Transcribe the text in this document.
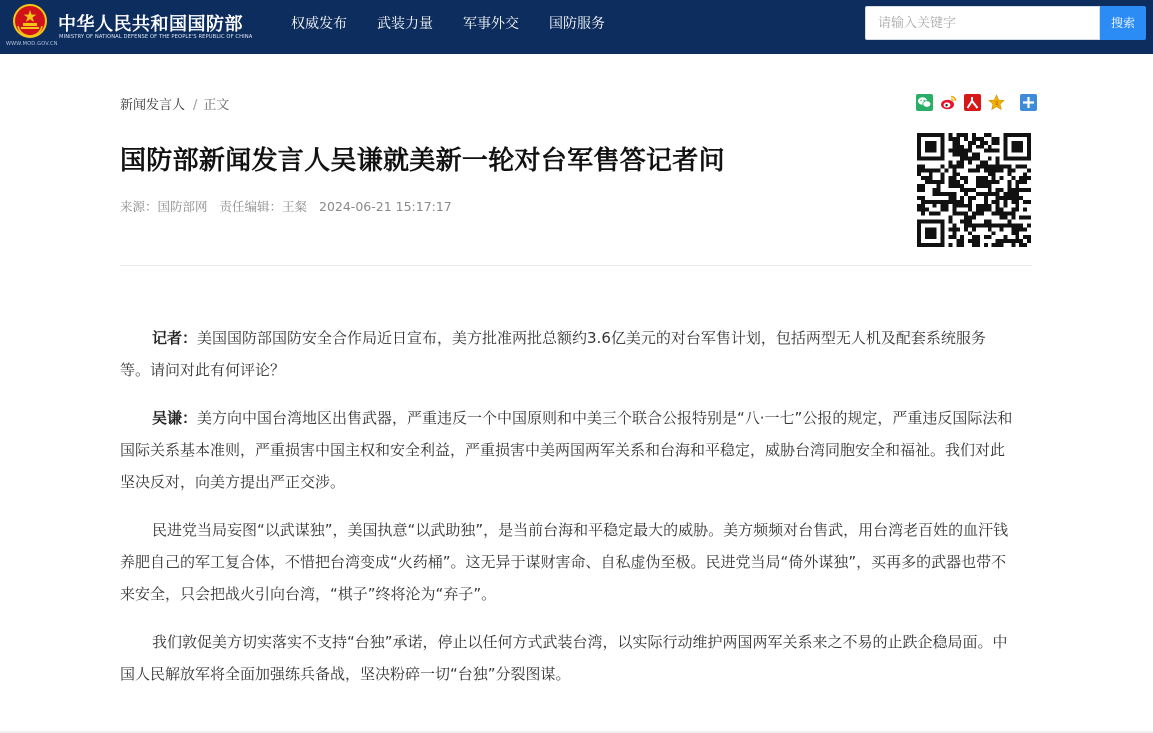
WWW.MOD.GOV.CN
中华人民共和国国防部
MINISTRY OF NATIONAL DEFENSE OF THE PEOPLE'S REPUBLIC OF CHINA
权威发布	武装力量	军事外交	国防服务
请输入关键字	搜索
新闻发言人 / 正文	文
国防部新闻发言人吴谦就美新一轮对台军售答记者问
来源：国防部网 责任编辑：王粲 2024-06-21 15:17:17

记者：美国国防部国防安全合作局近日宣布，美方批准两批总额约3.6亿美元的对台军售计划，包括两型无人机及配套系统服务等。请问对此有何评论？

吴谦：美方向中国台湾地区出售武器，严重违反一个中国原则和中美三个联合公报特别是“八·一七”公报的规定，严重违反国际法和国际关系基本准则，严重损害中国主权和安全利益，严重损害中美两国两军关系和台海和平稳定，威胁台湾同胞安全和福祉。我们对此坚决反对，向美方提出严正交涉。

民进党当局妄图“以武谋独”，美国执意“以武助独”，是当前台海和平稳定最大的威胁。美方频频对台售武，用台湾老百姓的血汗钱养肥自己的军工复合体，不惜把台湾变成“火药桶”。这无异于谋财害命、自私虚伪至极。民进党当局“倚外谋独”，买再多的武器也带不来安全，只会把战火引向台湾，“棋子”终将沦为“弃子”。

我们敦促美方切实落实不支持“台独”承诺，停止以任何方式武装台湾，以实际行动维护两国两军关系来之不易的止跌企稳局面。中国人民解放军将全面加强练兵备战，坚决粉碎一切“台独”分裂图谋。
